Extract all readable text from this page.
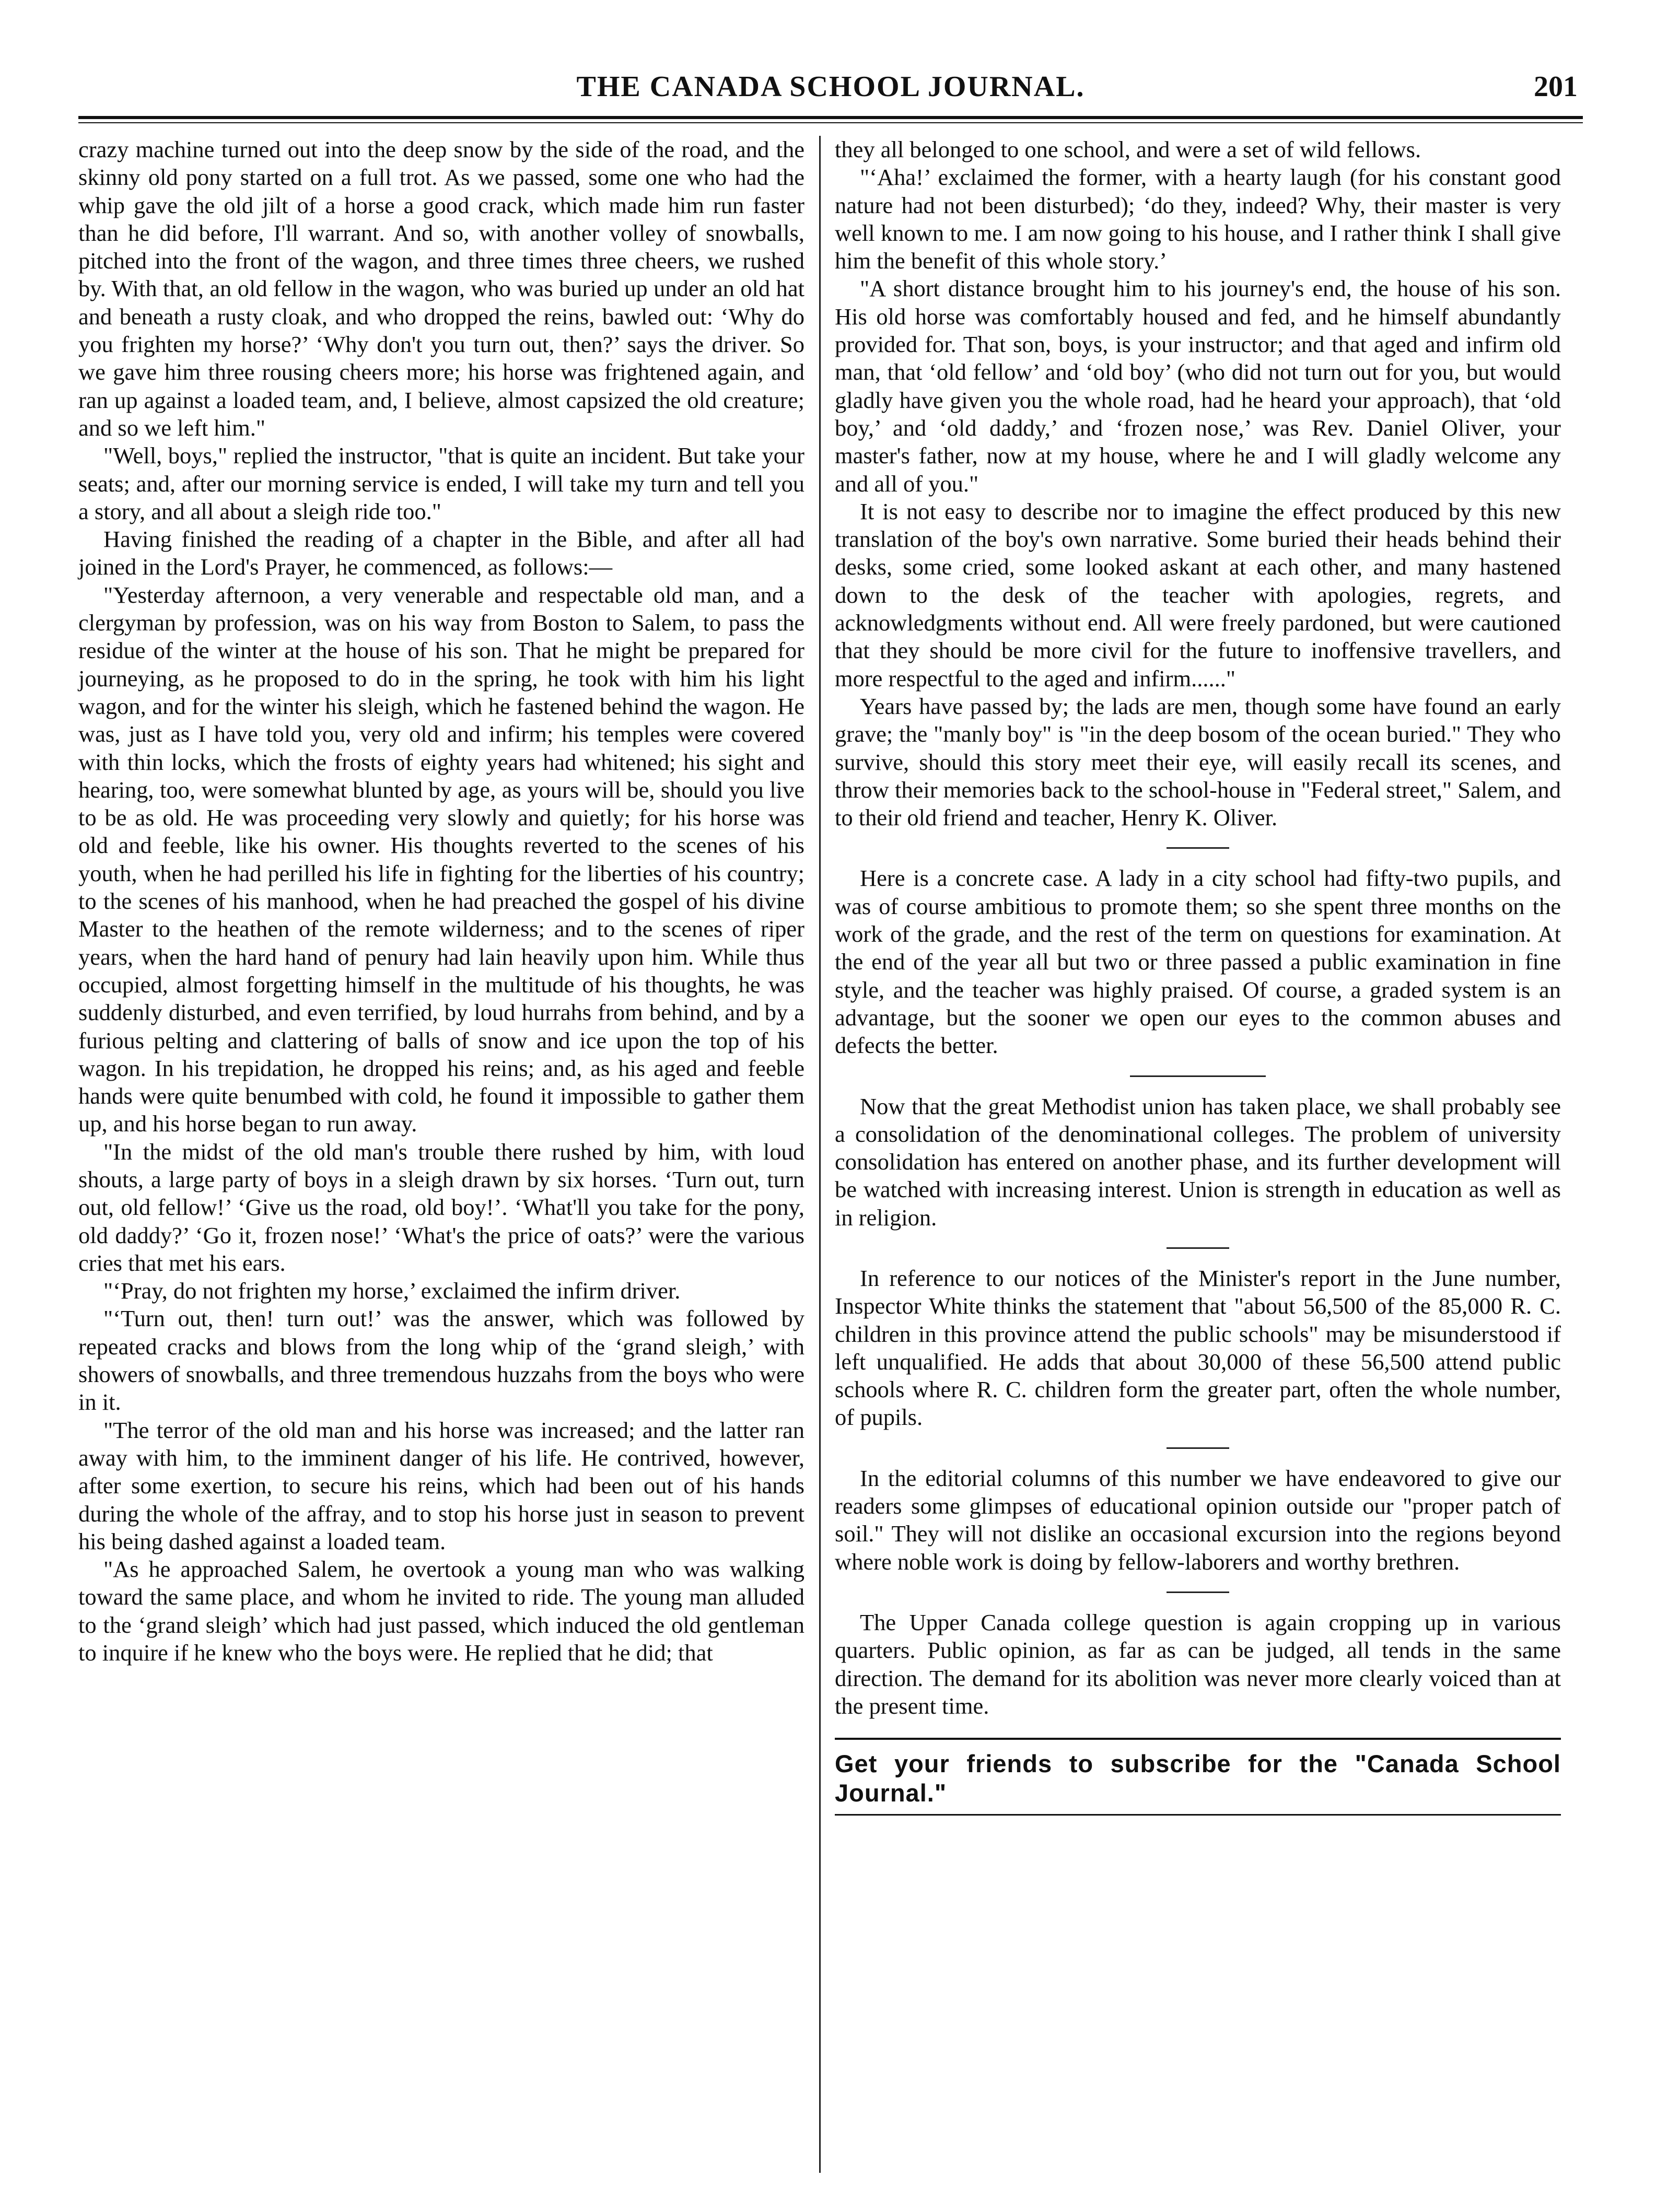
THE CANADA SCHOOL JOURNAL.	201

crazy machine turned out into the deep snow by the side of the road, and the skinny old pony started on a full trot. As we passed, some one who had the whip gave the old jilt of a horse a good crack, which made him run faster than he did before, I'll warrant. And so, with another volley of snowballs, pitched into the front of the wagon, and three times three cheers, we rushed by. With that, an old fellow in the wagon, who was buried up under an old hat and beneath a rusty cloak, and who dropped the reins, bawled out: ‘Why do you frighten my horse?’ ‘Why don't you turn out, then?’ says the driver. So we gave him three rousing cheers more; his horse was frightened again, and ran up against a loaded team, and, I believe, almost capsized the old creature; and so we left him."

"Well, boys," replied the instructor, "that is quite an incident. But take your seats; and, after our morning service is ended, I will take my turn and tell you a story, and all about a sleigh ride too."

Having finished the reading of a chapter in the Bible, and after all had joined in the Lord's Prayer, he commenced, as follows:—

"Yesterday afternoon, a very venerable and respectable old man, and a clergyman by profession, was on his way from Boston to Salem, to pass the residue of the winter at the house of his son. That he might be prepared for journeying, as he proposed to do in the spring, he took with him his light wagon, and for the winter his sleigh, which he fastened behind the wagon. He was, just as I have told you, very old and infirm; his temples were covered with thin locks, which the frosts of eighty years had whitened; his sight and hearing, too, were somewhat blunted by age, as yours will be, should you live to be as old. He was proceeding very slowly and quietly; for his horse was old and feeble, like his owner. His thoughts reverted to the scenes of his youth, when he had perilled his life in fighting for the liberties of his country; to the scenes of his manhood, when he had preached the gospel of his divine Master to the heathen of the remote wilderness; and to the scenes of riper years, when the hard hand of penury had lain heavily upon him. While thus occupied, almost forgetting himself in the multitude of his thoughts, he was suddenly disturbed, and even terrified, by loud hurrahs from behind, and by a furious pelting and clattering of balls of snow and ice upon the top of his wagon. In his trepidation, he dropped his reins; and, as his aged and feeble hands were quite benumbed with cold, he found it impossible to gather them up, and his horse began to run away.

"In the midst of the old man's trouble there rushed by him, with loud shouts, a large party of boys in a sleigh drawn by six horses. ‘Turn out, turn out, old fellow!’ ‘Give us the road, old boy!’. ‘What'll you take for the pony, old daddy?’ ‘Go it, frozen nose!’ ‘What's the price of oats?’ were the various cries that met his ears.

"‘Pray, do not frighten my horse,’ exclaimed the infirm driver.

"‘Turn out, then! turn out!’ was the answer, which was followed by repeated cracks and blows from the long whip of the ‘grand sleigh,’ with showers of snowballs, and three tremendous huzzahs from the boys who were in it.

"The terror of the old man and his horse was increased; and the latter ran away with him, to the imminent danger of his life. He contrived, however, after some exertion, to secure his reins, which had been out of his hands during the whole of the affray, and to stop his horse just in season to prevent his being dashed against a loaded team.

"As he approached Salem, he overtook a young man who was walking toward the same place, and whom he invited to ride. The young man alluded to the ‘grand sleigh’ which had just passed, which induced the old gentleman to inquire if he knew who the boys were. He replied that he did; that

they all belonged to one school, and were a set of wild fellows.

"‘Aha!’ exclaimed the former, with a hearty laugh (for his constant good nature had not been disturbed); ‘do they, indeed? Why, their master is very well known to me. I am now going to his house, and I rather think I shall give him the benefit of this whole story.’

"A short distance brought him to his journey's end, the house of his son. His old horse was comfortably housed and fed, and he himself abundantly provided for. That son, boys, is your instructor; and that aged and infirm old man, that ‘old fellow’ and ‘old boy’ (who did not turn out for you, but would gladly have given you the whole road, had he heard your approach), that ‘old boy,’ and ‘old daddy,’ and ‘frozen nose,’ was Rev. Daniel Oliver, your master's father, now at my house, where he and I will gladly welcome any and all of you."

It is not easy to describe nor to imagine the effect produced by this new translation of the boy's own narrative. Some buried their heads behind their desks, some cried, some looked askant at each other, and many hastened down to the desk of the teacher with apologies, regrets, and acknowledgments without end. All were freely pardoned, but were cautioned that they should be more civil for the future to inoffensive travellers, and more respectful to the aged and infirm......"

Years have passed by; the lads are men, though some have found an early grave; the "manly boy" is "in the deep bosom of the ocean buried." They who survive, should this story meet their eye, will easily recall its scenes, and throw their memories back to the school-house in "Federal street," Salem, and to their old friend and teacher, Henry K. Oliver.

Here is a concrete case. A lady in a city school had fifty-two pupils, and was of course ambitious to promote them; so she spent three months on the work of the grade, and the rest of the term on questions for examination. At the end of the year all but two or three passed a public examination in fine style, and the teacher was highly praised. Of course, a graded system is an advantage, but the sooner we open our eyes to the common abuses and defects the better.

Now that the great Methodist union has taken place, we shall probably see a consolidation of the denominational colleges. The problem of university consolidation has entered on another phase, and its further development will be watched with increasing interest. Union is strength in education as well as in religion.

In reference to our notices of the Minister's report in the June number, Inspector White thinks the statement that "about 56,500 of the 85,000 R. C. children in this province attend the public schools" may be misunderstood if left unqualified. He adds that about 30,000 of these 56,500 attend public schools where R. C. children form the greater part, often the whole number, of pupils.

In the editorial columns of this number we have endeavored to give our readers some glimpses of educational opinion outside our "proper patch of soil." They will not dislike an occasional excursion into the regions beyond where noble work is doing by fellow-laborers and worthy brethren.

The Upper Canada college question is again cropping up in various quarters. Public opinion, as far as can be judged, all tends in the same direction. The demand for its abolition was never more clearly voiced than at the present time.

Get your friends to subscribe for the "Canada School Journal."
